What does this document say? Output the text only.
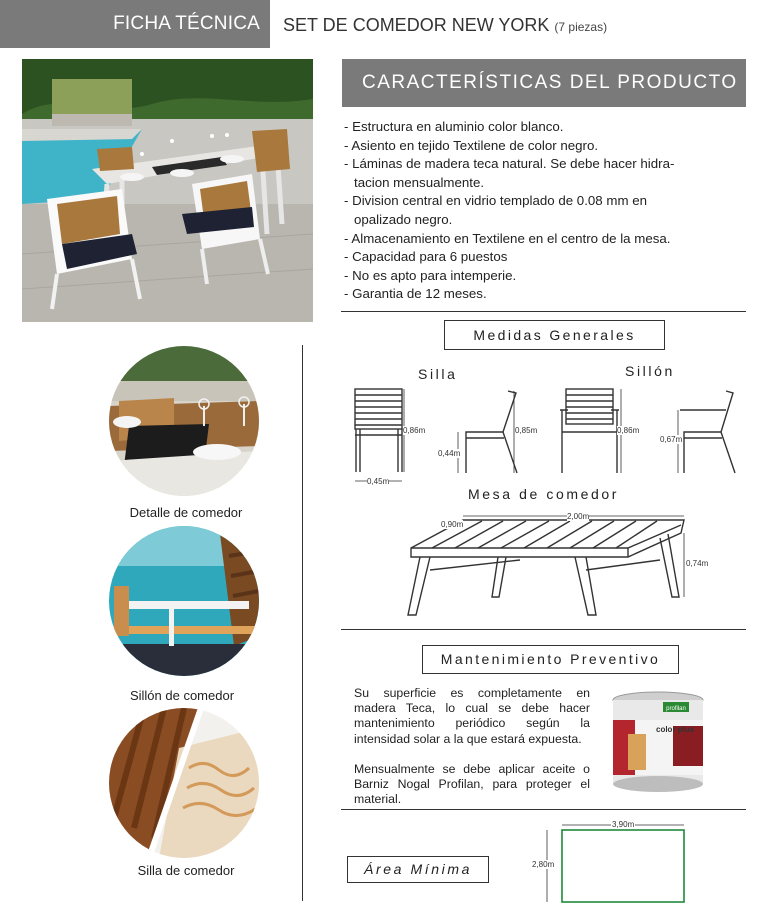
FICHA TÉCNICA SET DE COMEDOR NEW YORK (7 piezas)
CARACTERÍSTICAS DEL PRODUCTO
- Estructura en aluminio color blanco.
- Asiento en tejido Textilene de color negro.
- Láminas de madera teca natural. Se debe hacer hidra-
tacion mensualmente.
- Division central en vidrio templado de 0.08 mm en
opalizado negro.
- Almacenamiento en Textilene en el centro de la mesa.
- Capacidad para 6 puestos
- No es apto para intemperie.
- Garantia de 12 meses.
Detalle de comedor
Sillón de comedor
Silla de comedor
Medidas Generales
Silla	Sillón
Mesa de comedor
0,45m
0,86m	0,85m
0,44m
0,86m
0,67m
2,00m
0,90m
0,74m
Mantenimiento Preventivo

Su superficie es completamente en madera Teca, lo cual se debe hacer mantenimiento periódico según la intensidad solar a la que estará expuesta.

Mensualmente se debe aplicar aceite o Barniz Nogal Profilan, para proteger el material.

profilan
color plus
Área Mínima
3,90m
2,80m
